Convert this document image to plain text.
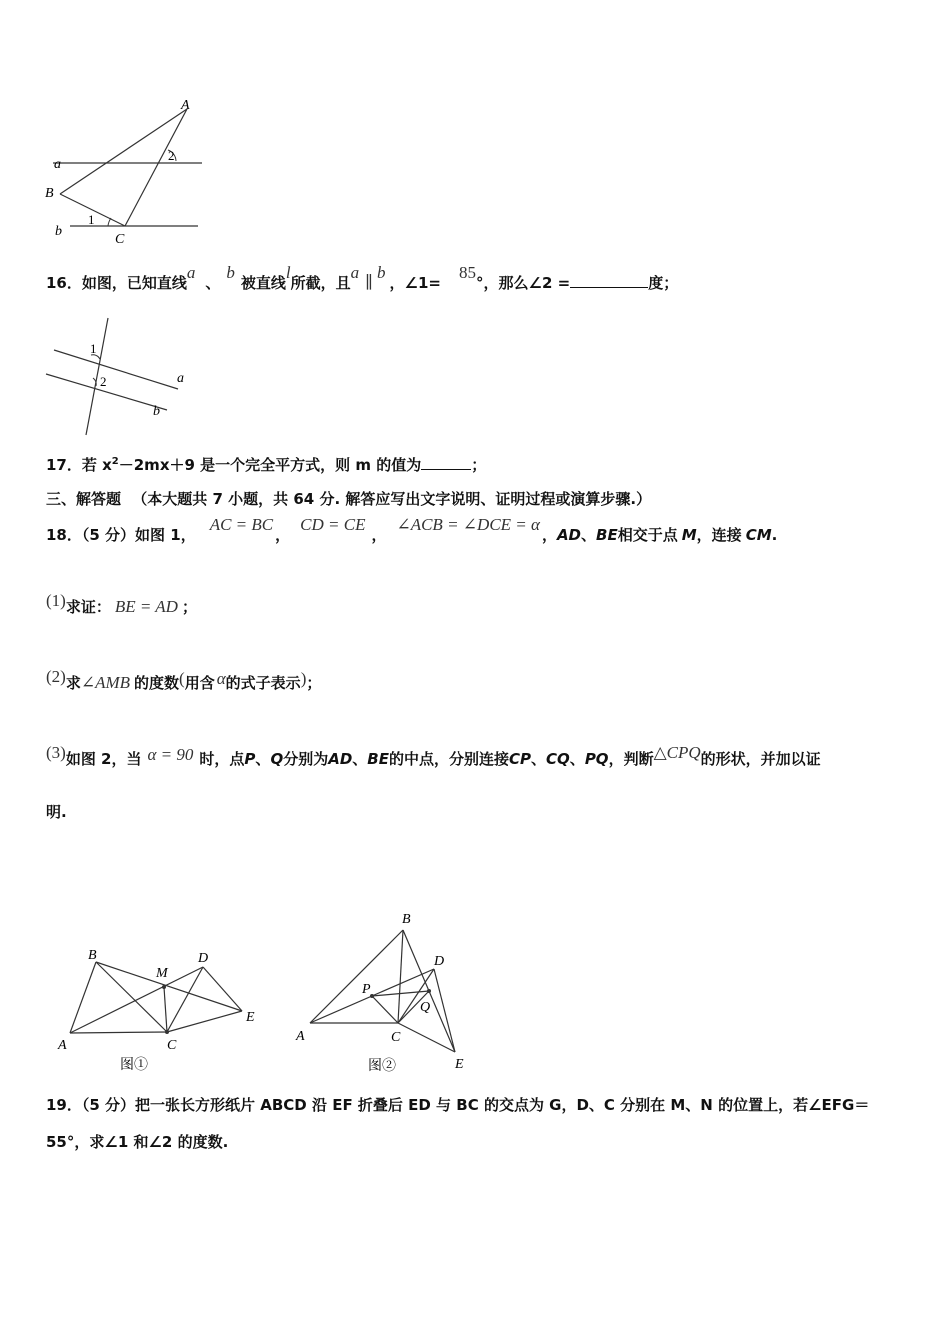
A
B
C
a
b
1
2
16．如图，已知直线a、b被直线l所截，且a∥b，∠1=85°，那么∠2 =	度；
1
2	a
b
17．若 $x^2-2mx+9$ 是一个完全平方式，则 m 的值为	；
三、解答题 （本大题共 7 小题，共 64 分. 解答应写出文字说明、证明过程或演算步骤.）
18．（5 分）如图 1，AC = BC，CD = CE，∠ACB = ∠DCE = α，AD、BE相交于点 M，连接 CM.
(1)求证： BE = AD ；
(2)求∠AMB 的度数(用含 α的式子表示)；
(3)如图 2，当 α = 90 时，点P、Q分别为AD、BE的中点，分别连接CP、CQ、PQ，判断△CPQ的形状，并加以证
明.
A
B
C
D
E
M
图①
A
B
C
D
E
P
Q
图②
19．（5 分）把一张长方形纸片 ABCD 沿 EF 折叠后 ED 与 BC 的交点为 G，D、C 分别在 M、N 的位置上，若∠EFG＝
55°，求∠1 和∠2 的度数.
